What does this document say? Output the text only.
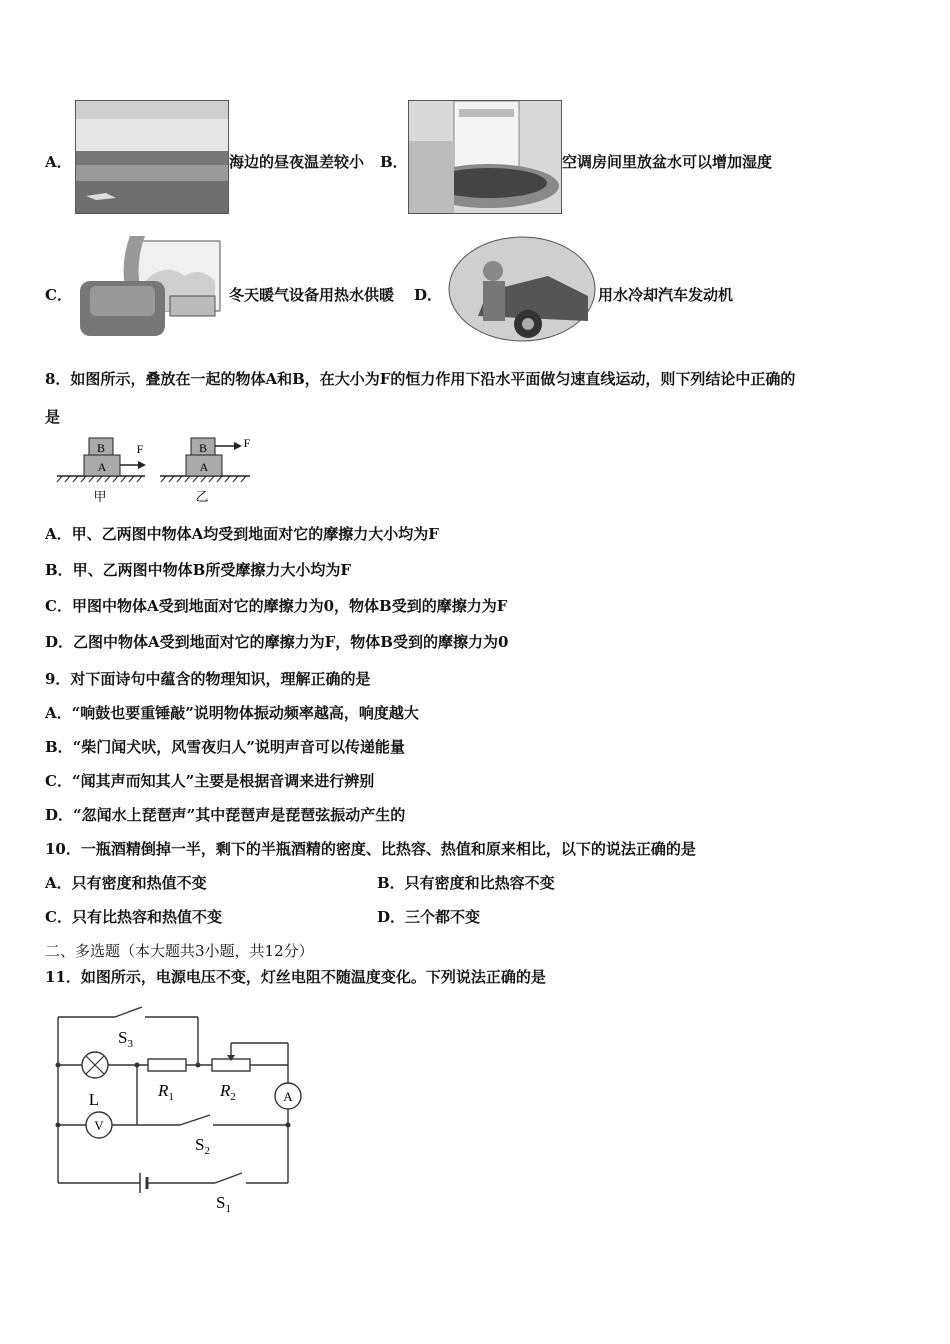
A．	海边的昼夜温差较小 B．	空调房间里放盆水可以增加湿度
C．	冬天暖气设备用热水供暖 D．	用水冷却汽车发动机
8．如图所示，叠放在一起的物体A和B，在大小为F的恒力作用下沿水平面做匀速直线运动，则下列结论中正确的
是
A
B	F
甲
A
B	F
乙
A．甲、乙两图中物体A均受到地面对它的摩擦力大小均为F
B．甲、乙两图中物体B所受摩擦力大小均为F
C．甲图中物体A受到地面对它的摩擦力为0，物体B受到的摩擦力为F
D．乙图中物体A受到地面对它的摩擦力为F，物体B受到的摩擦力为0
9．对下面诗句中蕴含的物理知识，理解正确的是
A．“响鼓也要重锤敲”说明物体振动频率越高，响度越大
B．“柴门闻犬吠，风雪夜归人”说明声音可以传递能量
C．“闻其声而知其人”主要是根据音调来进行辨别
D．“忽闻水上琵琶声”其中琵琶声是琵琶弦振动产生的
10．一瓶酒精倒掉一半，剩下的半瓶酒精的密度、比热容、热值和原来相比，以下的说法正确的是
A．只有密度和热值不变	B．只有密度和比热容不变
C．只有比热容和热值不变	D．三个都不变
二、多选题（本大题共3小题，共12分）
11．如图所示，电源电压不变，灯丝电阻不随温度变化。下列说法正确的是
V
A
$S_3$
$R_1$	$R_2$
L
$S_2$
$S_1$
